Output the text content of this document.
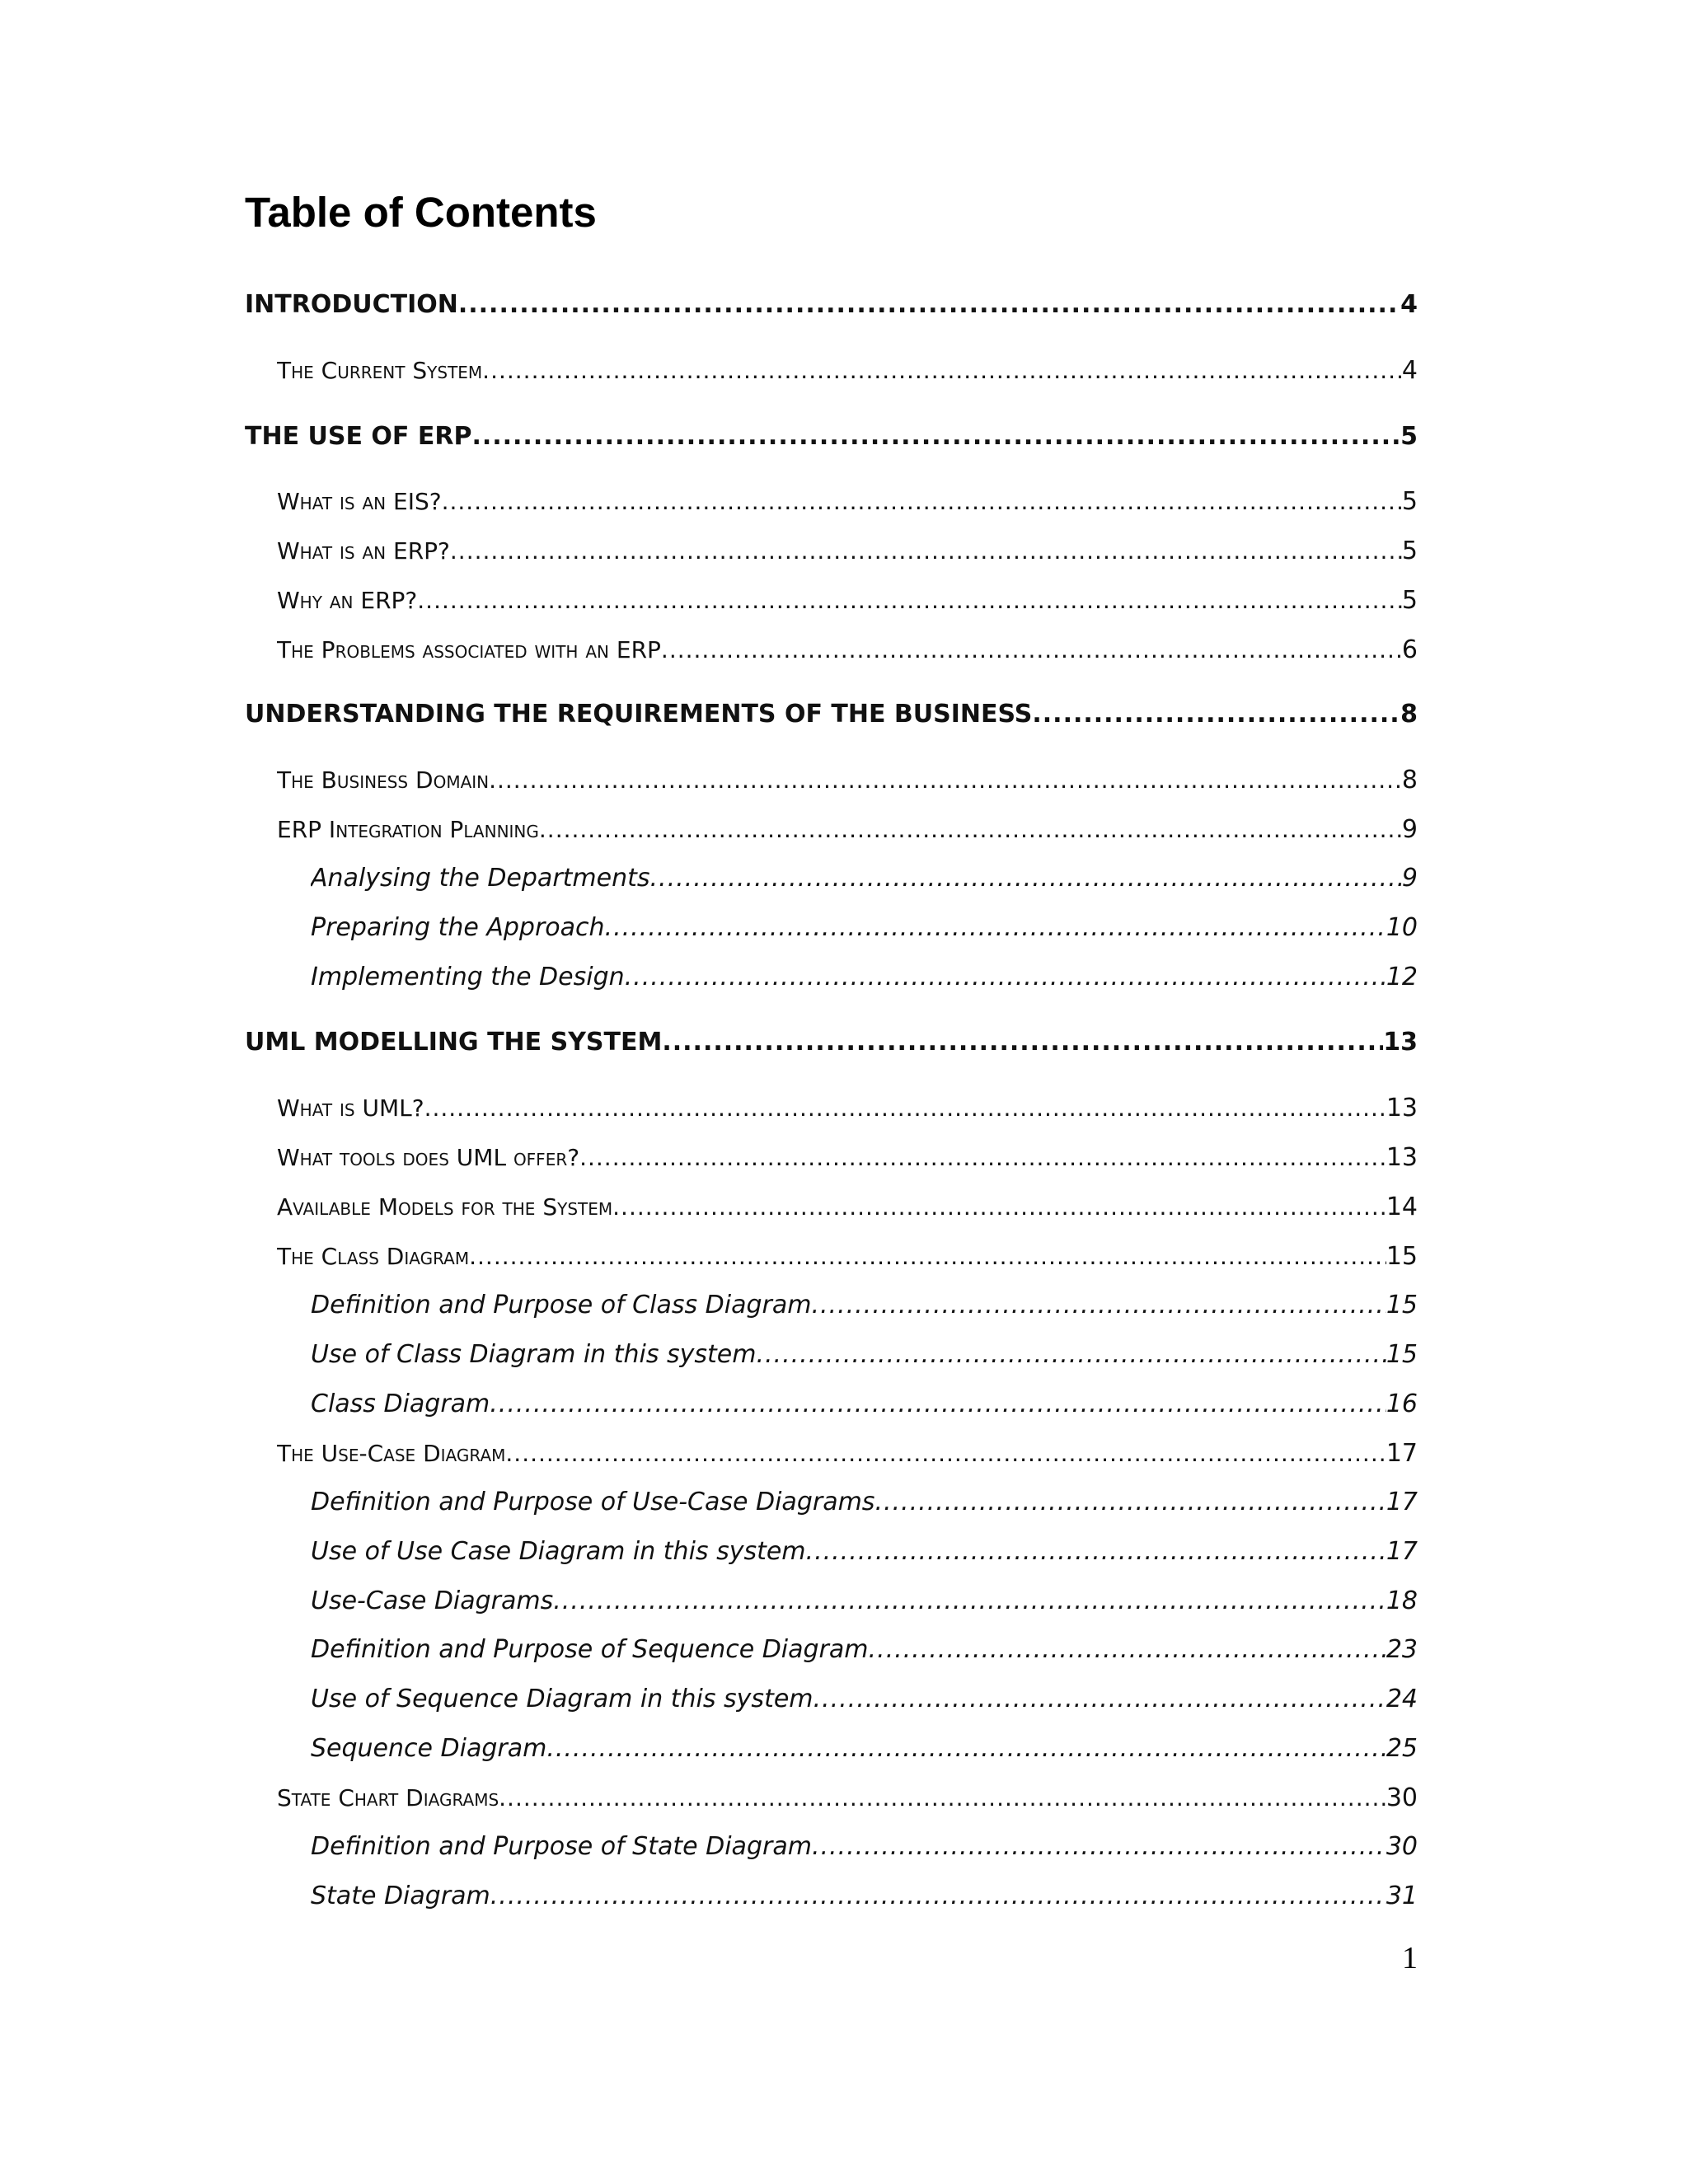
Table of Contents
INTRODUCTION .....	4
The Current System .....	4
THE USE OF ERP .....	5
What is an EIS? .....	5
What is an ERP? .....	5
Why an ERP? .....	5
The Problems associated with an ERP .....	6
UNDERSTANDING THE REQUIREMENTS OF THE BUSINESS .....	8
The Business Domain .....	8
ERP Integration Planning .....	9
Analysing the Departments .....	9
Preparing the Approach .....	10
Implementing the Design .....	12
UML MODELLING THE SYSTEM .....	13
What is UML? .....	13
What tools does UML offer? .....	13
Available Models for the System .....	14
The Class Diagram .....	15
Definition and Purpose of Class Diagram .....	15
Use of Class Diagram in this system .....	15
Class Diagram .....	16
The Use-Case Diagram .....	17
Definition and Purpose of Use-Case Diagrams .....	17
Use of Use Case Diagram in this system .....	17
Use-Case Diagrams .....	18
Definition and Purpose of Sequence Diagram .....	23
Use of Sequence Diagram in this system .....	24
Sequence Diagram .....	25
State Chart Diagrams .....	30
Definition and Purpose of State Diagram .....	30
State Diagram .....	31
1
